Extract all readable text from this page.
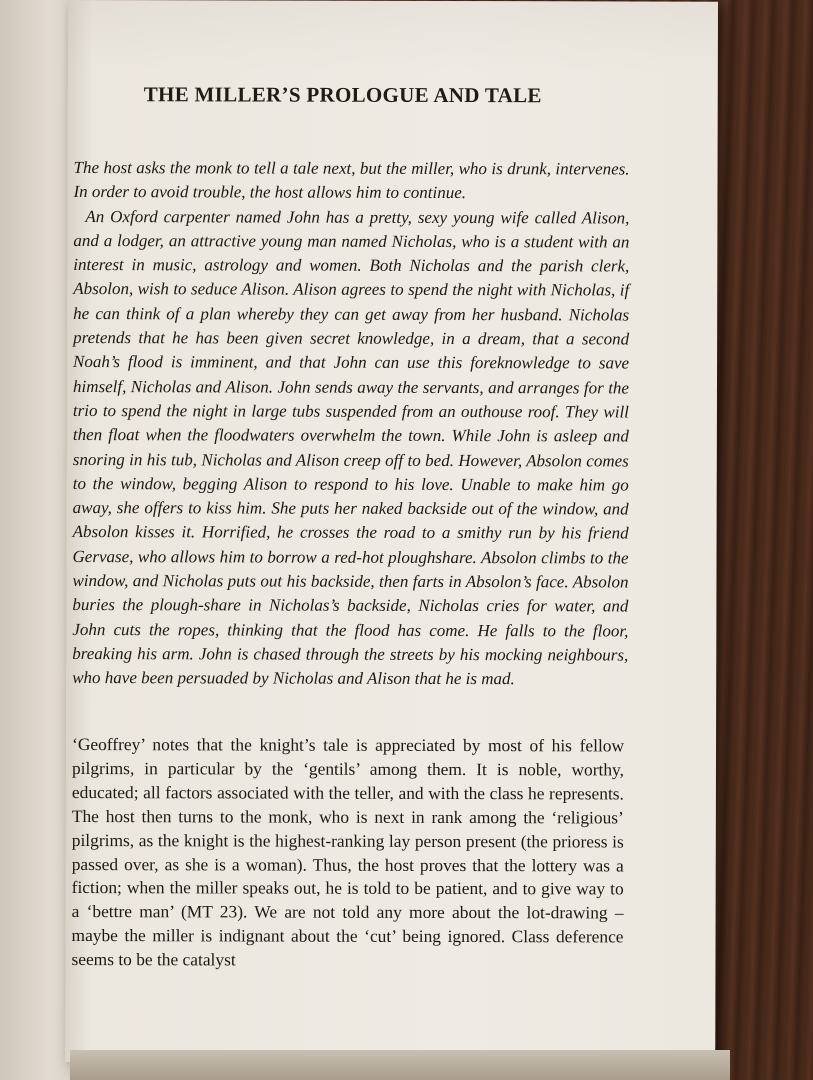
THE MILLER’S PROLOGUE AND TALE

The host asks the monk to tell a tale next, but the miller, who is drunk, intervenes. In order to avoid trouble, the host allows him to continue.

An Oxford carpenter named John has a pretty, sexy young wife called Alison, and a lodger, an attractive young man named Nicholas, who is a student with an interest in music, astrology and women. Both Nicholas and the parish clerk, Absolon, wish to seduce Alison. Alison agrees to spend the night with Nicholas, if he can think of a plan whereby they can get away from her husband. Nicholas pretends that he has been given secret knowledge, in a dream, that a second Noah’s flood is imminent, and that John can use this foreknowledge to save himself, Nicholas and Alison. John sends away the servants, and arranges for the trio to spend the night in large tubs suspended from an outhouse roof. They will then float when the floodwaters overwhelm the town. While John is asleep and snoring in his tub, Nicholas and Alison creep off to bed. However, Absolon comes to the window, begging Alison to respond to his love. Unable to make him go away, she offers to kiss him. She puts her naked backside out of the window, and Absolon kisses it. Horrified, he crosses the road to a smithy run by his friend Gervase, who allows him to borrow a red-hot ploughshare. Absolon climbs to the window, and Nicholas puts out his backside, then farts in Absolon’s face. Absolon buries the plough-share in Nicholas’s backside, Nicholas cries for water, and John cuts the ropes, thinking that the flood has come. He falls to the floor, breaking his arm. John is chased through the streets by his mocking neighbours, who have been persuaded by Nicholas and Alison that he is mad.

‘Geoffrey’ notes that the knight’s tale is appreciated by most of his fellow pilgrims, in particular by the ‘gentils’ among them. It is noble, worthy, educated; all factors associated with the teller, and with the class he represents. The host then turns to the monk, who is next in rank among the ‘religious’ pilgrims, as the knight is the highest-ranking lay person present (the prioress is passed over, as she is a woman). Thus, the host proves that the lottery was a fiction; when the miller speaks out, he is told to be patient, and to give way to a ‘bettre man’ (MT 23). We are not told any more about the lot-drawing – maybe the miller is indignant about the ‘cut’ being ignored. Class deference seems to be the catalyst
